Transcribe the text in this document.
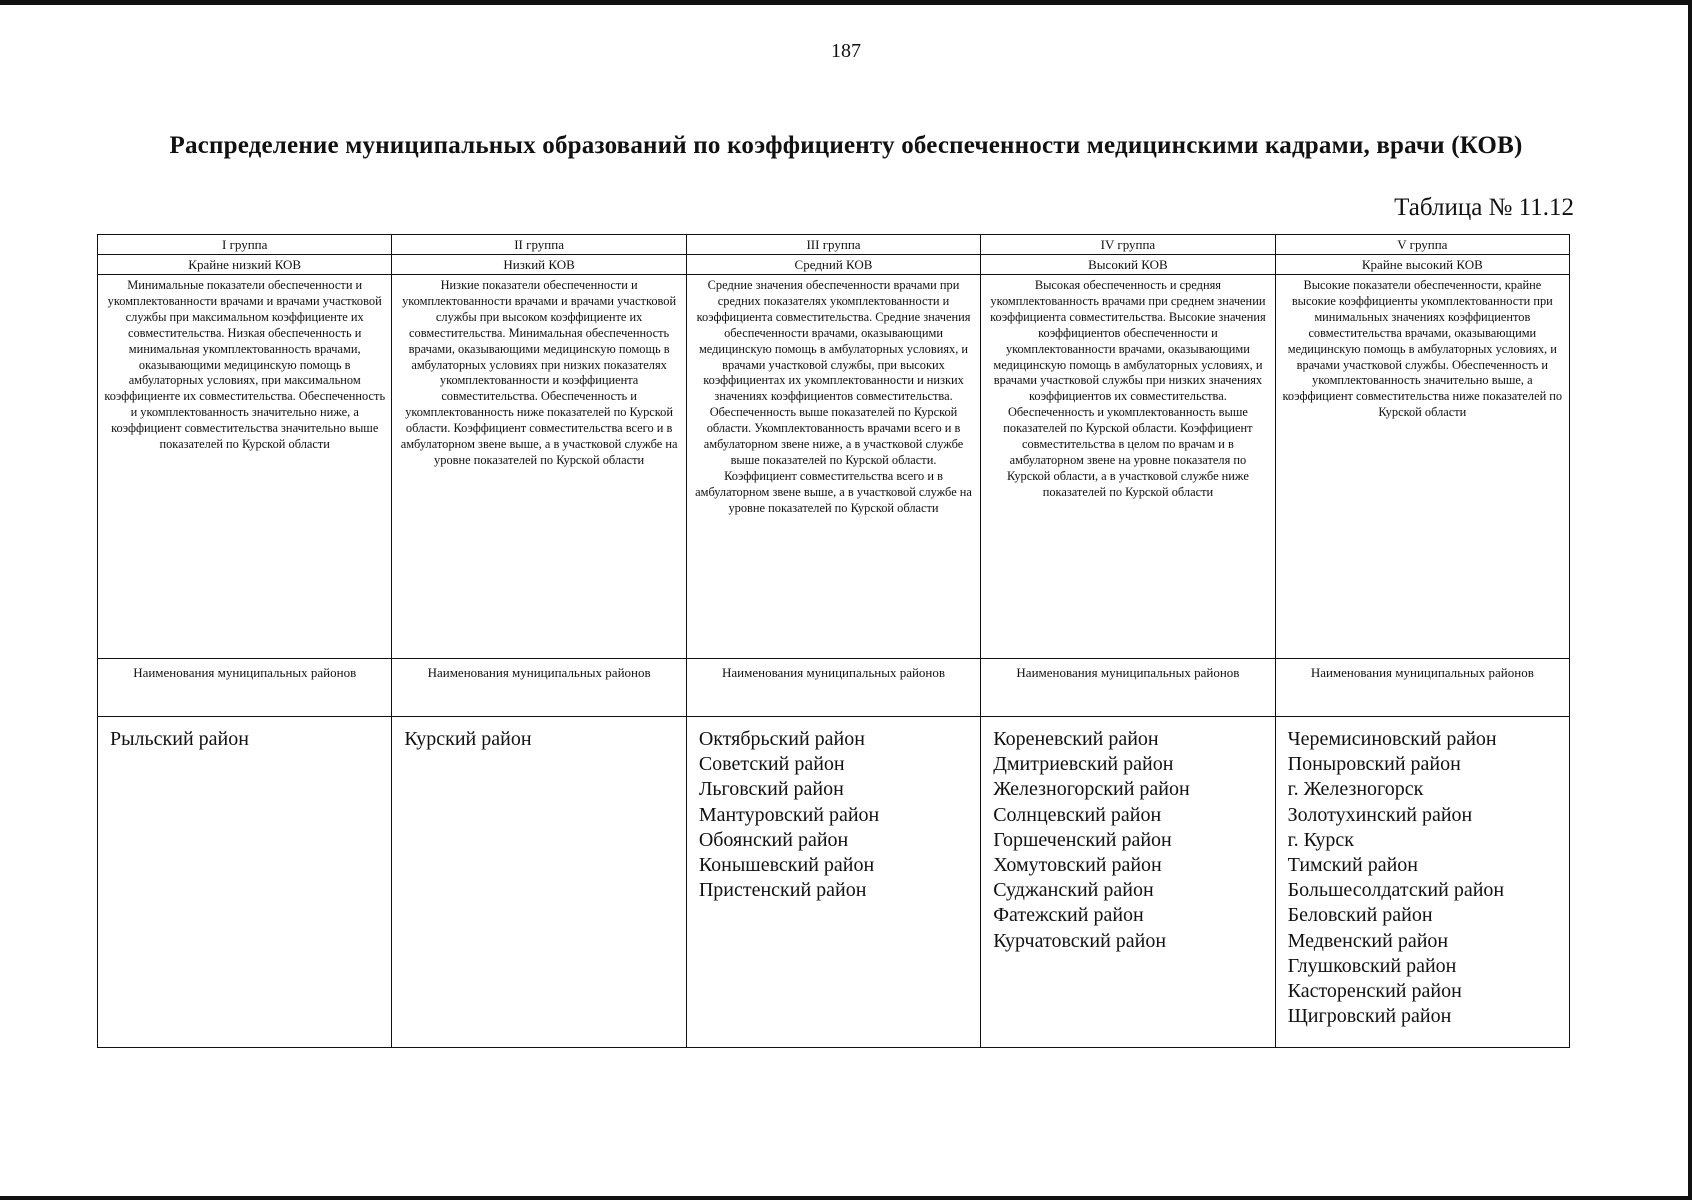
187
Распределение муниципальных образований по коэффициенту обеспеченности медицинскими кадрами, врачи (КОВ)
Таблица № 11.12
I группа
Крайне низкий КОВ
Минимальные показатели обеспеченности и укомплектованности врачами и врачами участковой службы при максимальном коэффициенте их совместительства. Низкая обеспеченность и минимальная укомплектованность врачами, оказывающими медицинскую помощь в амбулаторных условиях, при максимальном коэффициенте их совместительства. Обеспеченность и укомплектованность значительно ниже, а коэффициент совместительства значительно выше показателей по Курской области
Наименования муниципальных районов
Рыльский район
II группа
Низкий КОВ
Низкие показатели обеспеченности и укомплектованности врачами и врачами участковой службы при высоком коэффициенте их совместительства. Минимальная обеспеченность врачами, оказывающими медицинскую помощь в амбулаторных условиях при низких показателях укомплектованности и коэффициента совместительства. Обеспеченность и укомплектованность ниже показателей по Курской области. Коэффициент совместительства всего и в амбулаторном звене выше, а в участковой службе на уровне показателей по Курской области
Наименования муниципальных районов
Курский район
III группа
Средний КОВ
Средние значения обеспеченности врачами при средних показателях укомплектованности и коэффициента совместительства. Средние значения обеспеченности врачами, оказывающими медицинскую помощь в амбулаторных условиях, и врачами участковой службы, при высоких коэффициентах их укомплектованности и низких значениях коэффициентов совместительства. Обеспеченность выше показателей по Курской области. Укомплектованность врачами всего и в амбулаторном звене ниже, а в участковой службе выше показателей по Курской области. Коэффициент совместительства всего и в амбулаторном звене выше, а в участковой службе на уровне показателей по Курской области
Наименования муниципальных районов
Октябрьский район
Советский район
Льговский район
Мантуровский район
Обоянский район
Конышевский район
Пристенский район
IV группа
Высокий КОВ
Высокая обеспеченность и средняя укомплектованность врачами при среднем значении коэффициента совместительства. Высокие значения коэффициентов обеспеченности и укомплектованности врачами, оказывающими медицинскую помощь в амбулаторных условиях, и врачами участковой службы при низких значениях коэффициентов их совместительства. Обеспеченность и укомплектованность выше показателей по Курской области. Коэффициент совместительства в целом по врачам и в амбулаторном звене на уровне показателя по Курской области, а в участковой службе ниже показателей по Курской области
Наименования муниципальных районов
Кореневский район
Дмитриевский район
Железногорский район
Солнцевский район
Горшеченский район
Хомутовский район
Суджанский район
Фатежский район
Курчатовский район
V группа
Крайне высокий КОВ
Высокие показатели обеспеченности, крайне высокие коэффициенты укомплектованности при минимальных значениях коэффициентов совместительства врачами, оказывающими медицинскую помощь в амбулаторных условиях, и врачами участковой службы. Обеспеченность и укомплектованность значительно выше, а коэффициент совместительства ниже показателей по Курской области
Наименования муниципальных районов
Черемисиновский район
Поныровский район
г. Железногорск
Золотухинский район
г. Курск
Тимский район
Большесолдатский район
Беловский район
Медвенский район
Глушковский район
Касторенский район
Щигровский район
